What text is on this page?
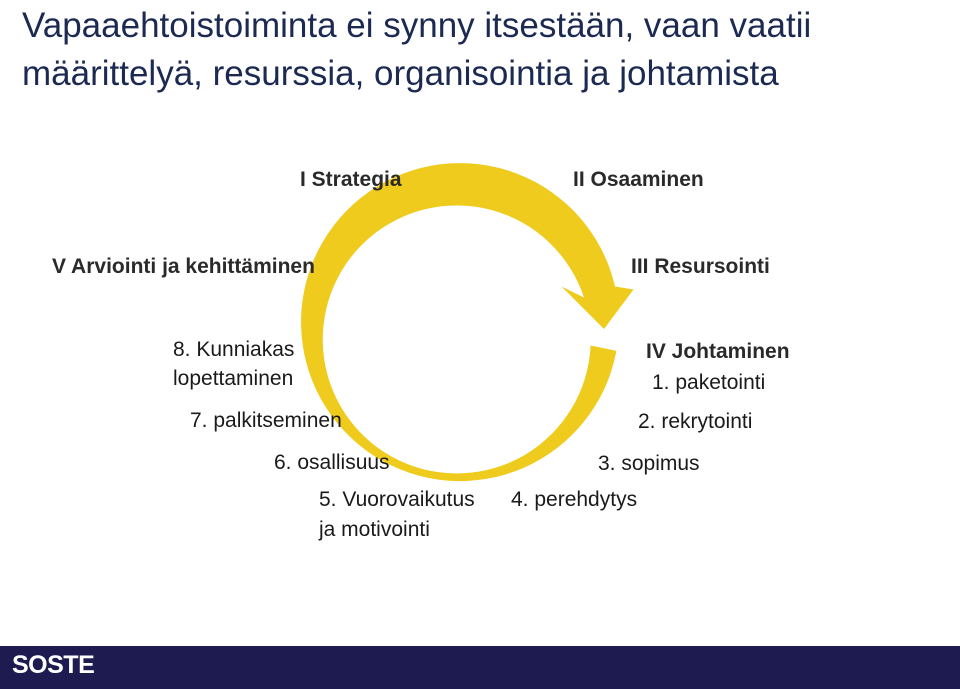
Vapaaehtoistoiminta ei synny itsestään, vaan vaatii
määrittelyä, resurssia, organisointia ja johtamista
I Strategia	II Osaaminen
V Arviointi ja kehittäminen	III Resursointi
IV Johtaminen
1. paketointi
2. rekrytointi
3. sopimus
4. perehdytys
5. Vuorovaikutus
ja motivointi
6. osallisuus
7. palkitseminen
8. Kunniakas
lopettaminen
SOSTE
